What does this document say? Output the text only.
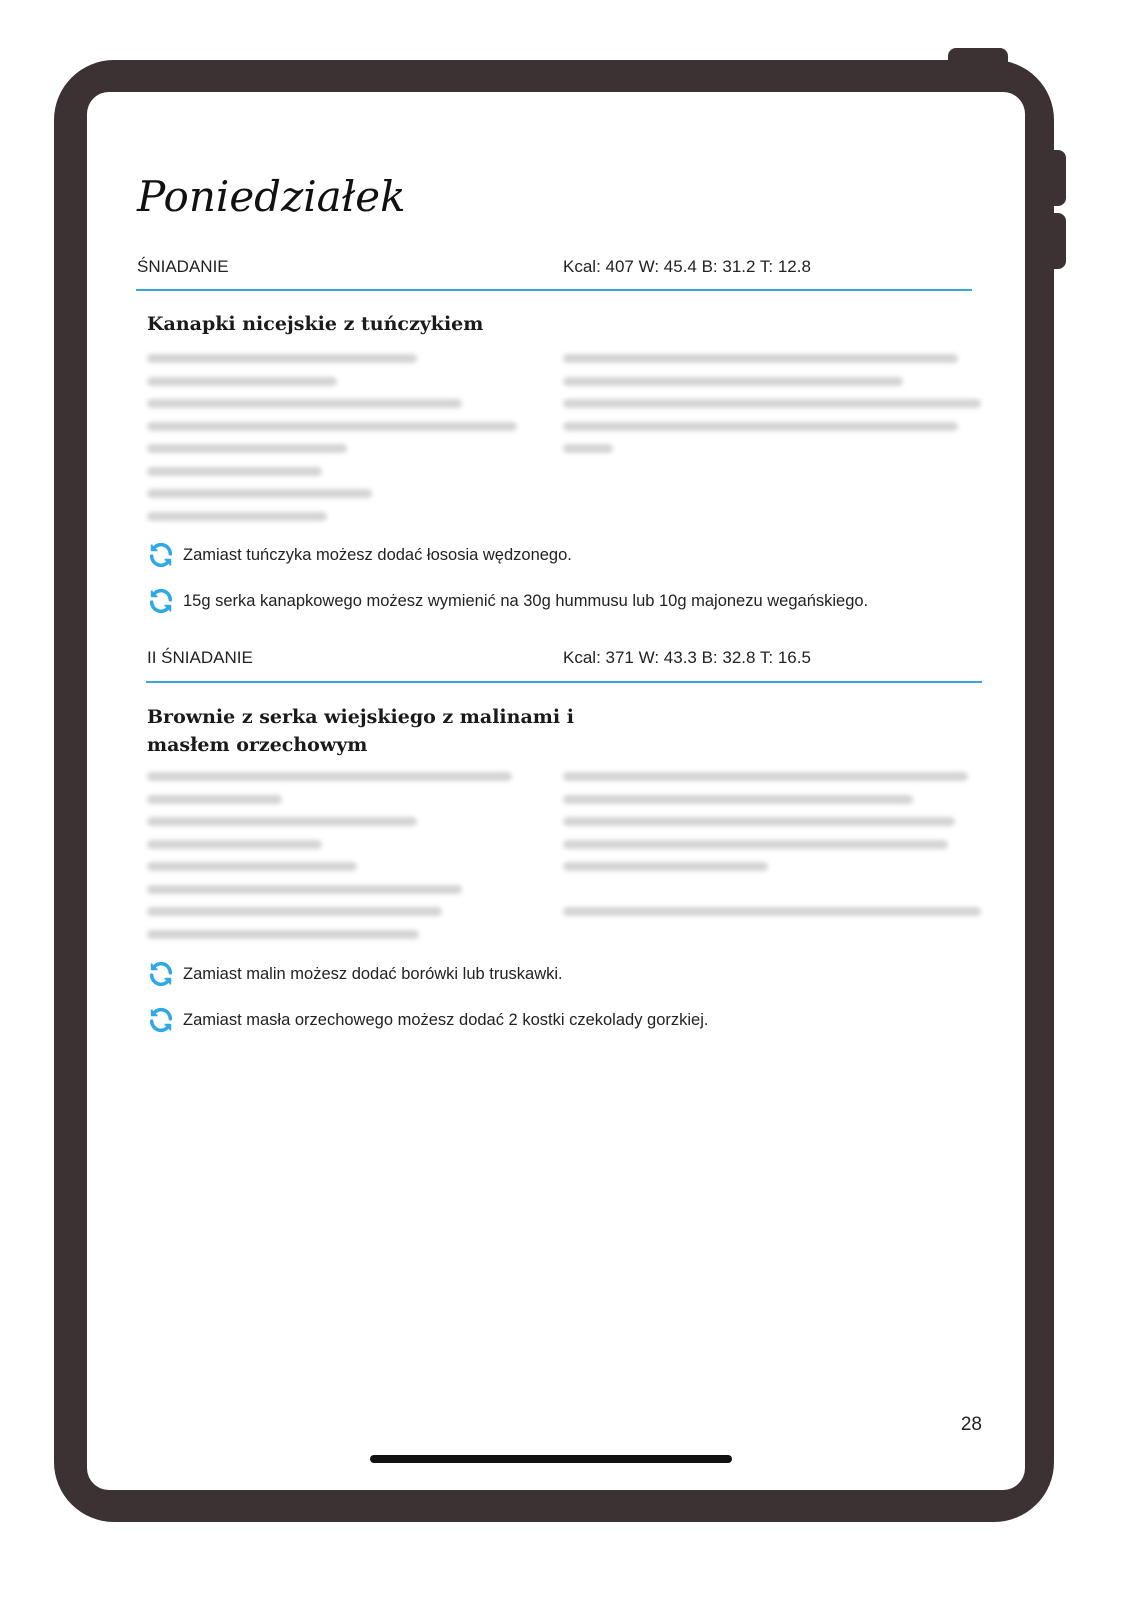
Poniedziałek
ŚNIADANIE	Kcal: 407 W: 45.4 B: 31.2 T: 12.8
Kanapki nicejskie z tuńczykiem
Zamiast tuńczyka możesz dodać łososia wędzonego.
15g serka kanapkowego możesz wymienić na 30g hummusu lub 10g majonezu wegańskiego.
II ŚNIADANIE	Kcal: 371 W: 43.3 B: 32.8 T: 16.5
Brownie z serka wiejskiego z malinami i
masłem orzechowym
Zamiast malin możesz dodać borówki lub truskawki.
Zamiast masła orzechowego możesz dodać 2 kostki czekolady gorzkiej.
28
